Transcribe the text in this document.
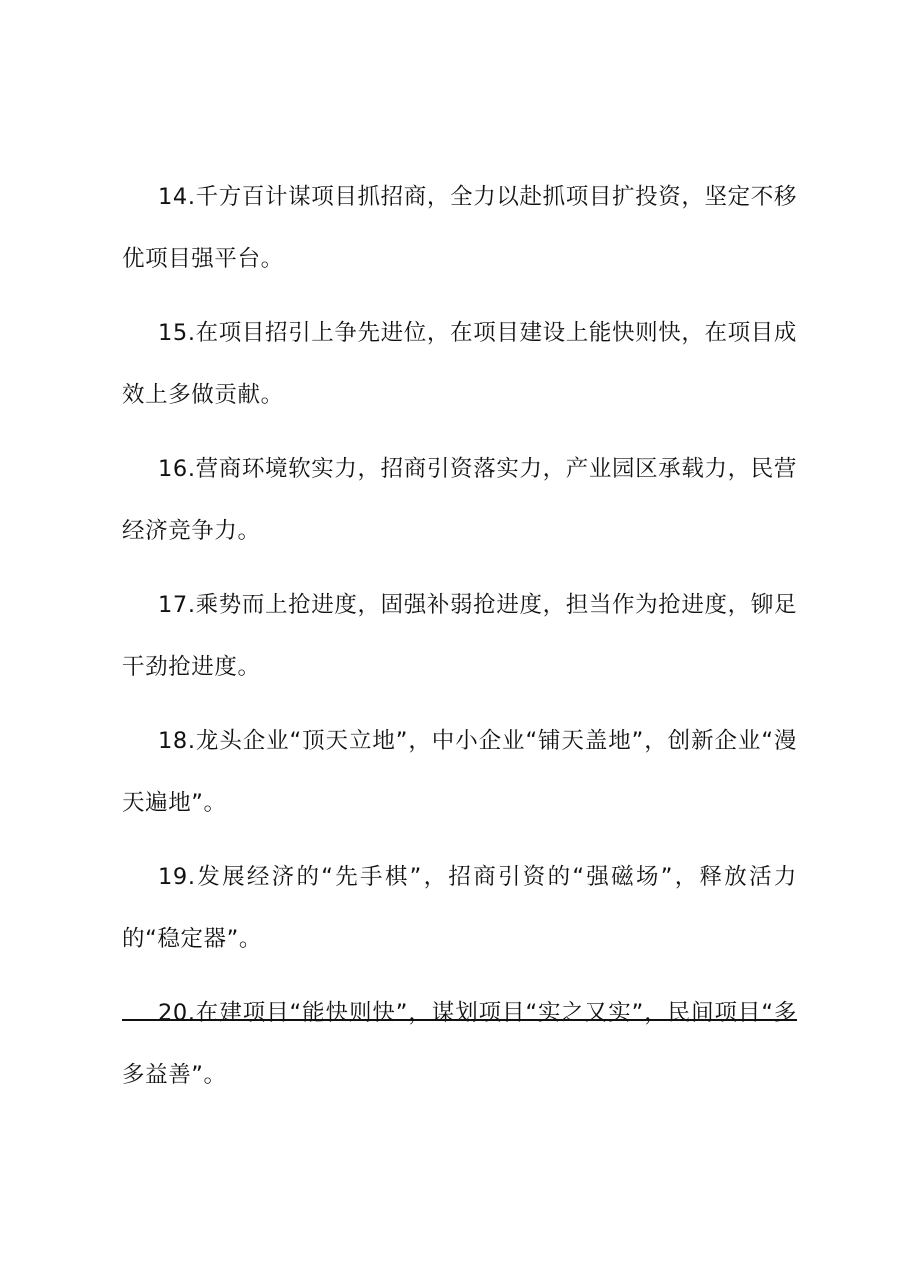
14.千方百计谋项目抓招商，全力以赴抓项目扩投资，坚定不移优项目强平台。

15.在项目招引上争先进位，在项目建设上能快则快，在项目成效上多做贡献。

16.营商环境软实力，招商引资落实力，产业园区承载力，民营经济竞争力。

17.乘势而上抢进度，固强补弱抢进度，担当作为抢进度，铆足干劲抢进度。

18.龙头企业“顶天立地”，中小企业“铺天盖地”，创新企业“漫天遍地”。

19.发展经济的“先手棋”，招商引资的“强磁场”，释放活力的“稳定器”。

20.在建项目“能快则快”，谋划项目“实之又实”，民间项目“多多益善”。
